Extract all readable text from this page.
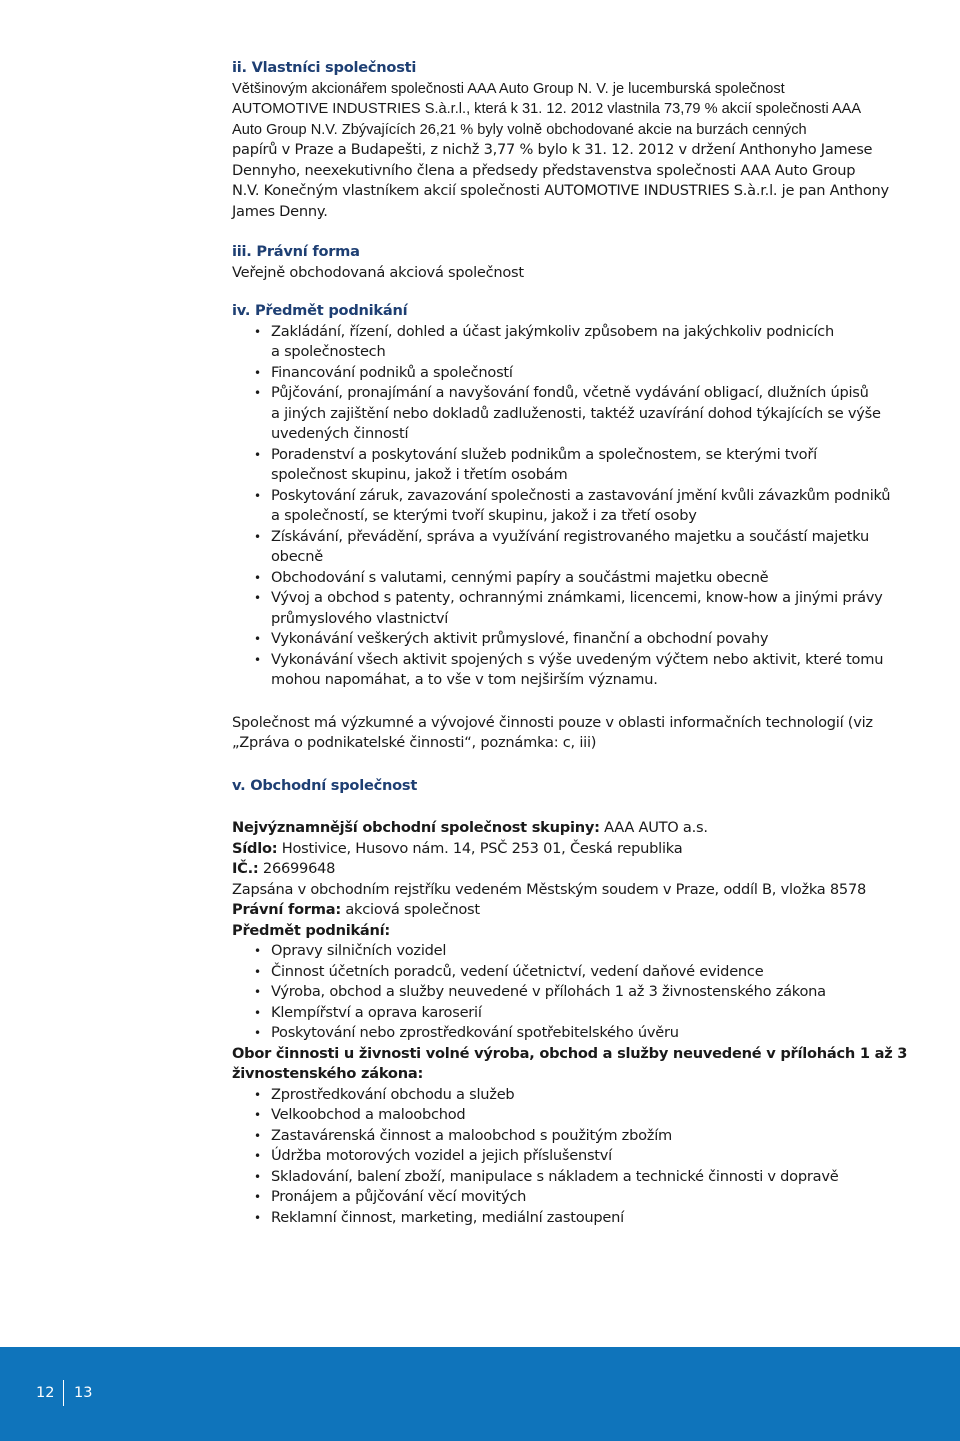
ii. Vlastníci společnosti
Většinovým akcionářem společnosti AAA Auto Group N. V. je lucemburská společnost
AUTOMOTIVE INDUSTRIES S.à.r.l., která k 31. 12. 2012 vlastnila 73,79 % akcií společnosti AAA
Auto Group N.V. Zbývajících 26,21 % byly volně obchodované akcie na burzách cenných
papírů v Praze a Budapešti, z nichž 3,77 % bylo k 31. 12. 2012 v držení Anthonyho Jamese
Dennyho, neexekutivního člena a předsedy představenstva společnosti AAA Auto Group
N.V. Konečným vlastníkem akcií společnosti AUTOMOTIVE INDUSTRIES S.à.r.l. je pan Anthony
James Denny.
iii. Právní forma
Veřejně obchodovaná akciová společnost
iv. Předmět podnikání
• Zakládání, řízení, dohled a účast jakýmkoliv způsobem na jakýchkoliv podnicích
a společnostech
• Financování podniků a společností
• Půjčování, pronajímání a navyšování fondů, včetně vydávání obligací, dlužních úpisů
a jiných zajištění nebo dokladů zadluženosti, taktéž uzavírání dohod týkajících se výše
uvedených činností
• Poradenství a poskytování služeb podnikům a společnostem, se kterými tvoří
společnost skupinu, jakož i třetím osobám
• Poskytování záruk, zavazování společnosti a zastavování jmění kvůli závazkům podniků
a společností, se kterými tvoří skupinu, jakož i za třetí osoby
• Získávání, převádění, správa a využívání registrovaného majetku a součástí majetku
obecně
• Obchodování s valutami, cennými papíry a součástmi majetku obecně
• Vývoj a obchod s patenty, ochrannými známkami, licencemi, know-how a jinými právy
průmyslového vlastnictví
• Vykonávání veškerých aktivit průmyslové, finanční a obchodní povahy
• Vykonávání všech aktivit spojených s výše uvedeným výčtem nebo aktivit, které tomu
mohou napomáhat, a to vše v tom nejširším významu.
Společnost má výzkumné a vývojové činnosti pouze v oblasti informačních technologií (viz
„Zpráva o podnikatelské činnosti“, poznámka: c, iii)
v. Obchodní společnost
Nejvýznamnější obchodní společnost skupiny: AAA AUTO a.s.
Sídlo: Hostivice, Husovo nám. 14, PSČ 253 01, Česká republika
IČ.: 26699648
Zapsána v obchodním rejstříku vedeném Městským soudem v Praze, oddíl B, vložka 8578
Právní forma: akciová společnost
Předmět podnikání:
• Opravy silničních vozidel
• Činnost účetních poradců, vedení účetnictví, vedení daňové evidence
• Výroba, obchod a služby neuvedené v přílohách 1 až 3 živnostenského zákona
• Klempířství a oprava karoserií
• Poskytování nebo zprostředkování spotřebitelského úvěru
Obor činnosti u živnosti volné výroba, obchod a služby neuvedené v přílohách 1 až 3
živnostenského zákona:
• Zprostředkování obchodu a služeb
• Velkoobchod a maloobchod
• Zastavárenská činnost a maloobchod s použitým zbožím
• Údržba motorových vozidel a jejich příslušenství
• Skladování, balení zboží, manipulace s nákladem a technické činnosti v dopravě
• Pronájem a půjčování věcí movitých
• Reklamní činnost, marketing, mediální zastoupení
12 13
